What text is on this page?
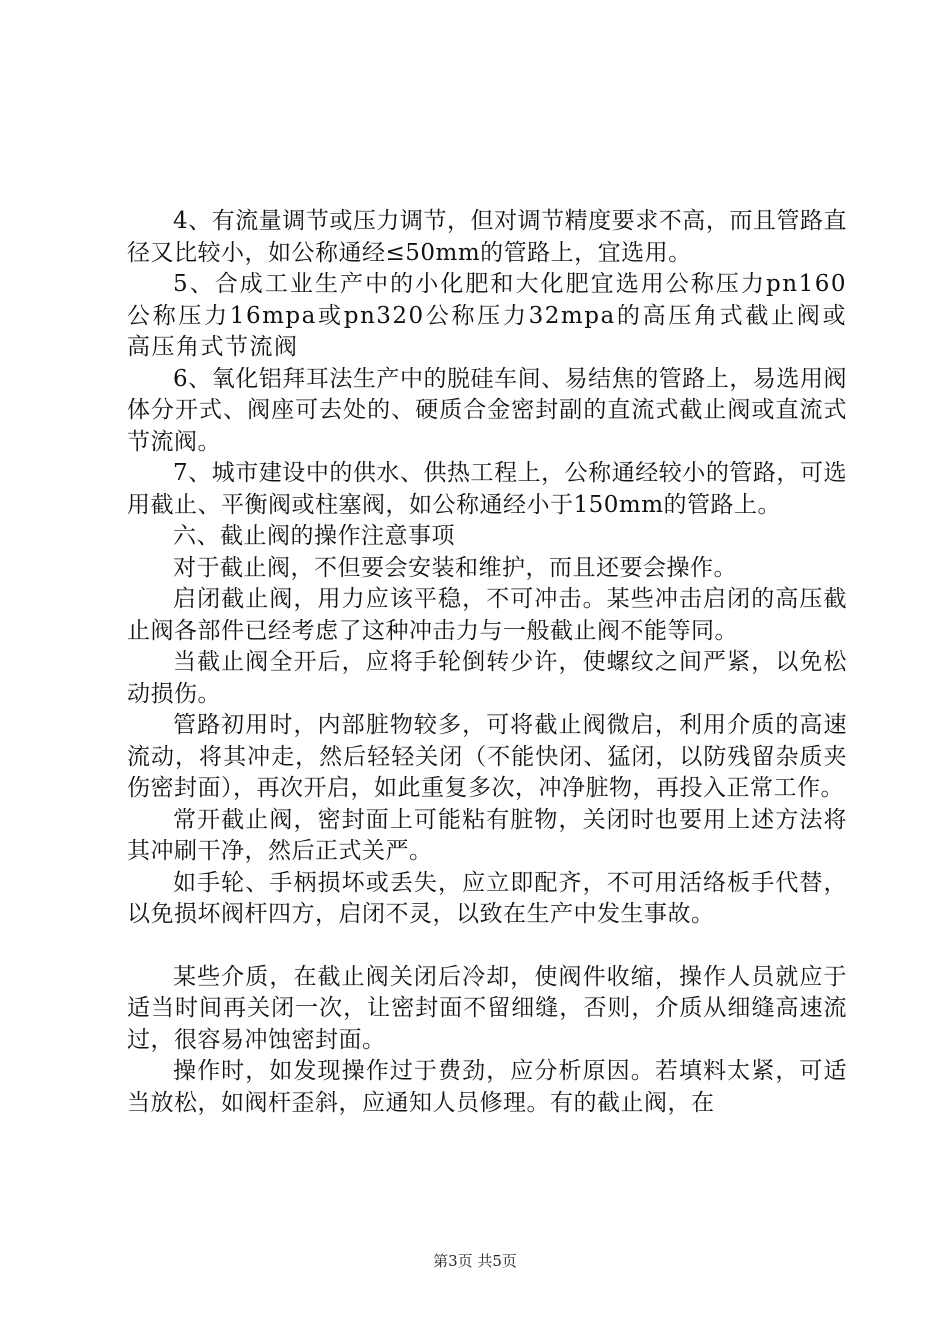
4、有流量调节或压力调节，但对调节精度要求不高，而且管路直径又比较小，如公称通经≤50mm的管路上，宜选用。

5、合成工业生产中的小化肥和大化肥宜选用公称压力pn160公称压力16mpa或pn320公称压力32mpa的高压角式截止阀或高压角式节流阀

6、氧化铝拜耳法生产中的脱硅车间、易结焦的管路上，易选用阀体分开式、阀座可去处的、硬质合金密封副的直流式截止阀或直流式节流阀。

7、城市建设中的供水、供热工程上，公称通经较小的管路，可选用截止、平衡阀或柱塞阀，如公称通经小于150mm的管路上。

六、截止阀的操作注意事项

对于截止阀，不但要会安装和维护，而且还要会操作。

启闭截止阀，用力应该平稳，不可冲击。某些冲击启闭的高压截止阀各部件已经考虑了这种冲击力与一般截止阀不能等同。

当截止阀全开后，应将手轮倒转少许，使螺纹之间严紧，以免松动损伤。

管路初用时，内部脏物较多，可将截止阀微启，利用介质的高速流动，将其冲走，然后轻轻关闭（不能快闭、猛闭，以防残留杂质夹伤密封面），再次开启，如此重复多次，冲净脏物，再投入正常工作。

常开截止阀，密封面上可能粘有脏物，关闭时也要用上述方法将其冲刷干净，然后正式关严。

如手轮、手柄损坏或丢失，应立即配齐，不可用活络板手代替，以免损坏阀杆四方，启闭不灵，以致在生产中发生事故。

某些介质，在截止阀关闭后冷却，使阀件收缩，操作人员就应于适当时间再关闭一次，让密封面不留细缝，否则，介质从细缝高速流过，很容易冲蚀密封面。

操作时，如发现操作过于费劲，应分析原因。若填料太紧，可适当放松，如阀杆歪斜，应通知人员修理。有的截止阀，在

第3页 共5页
